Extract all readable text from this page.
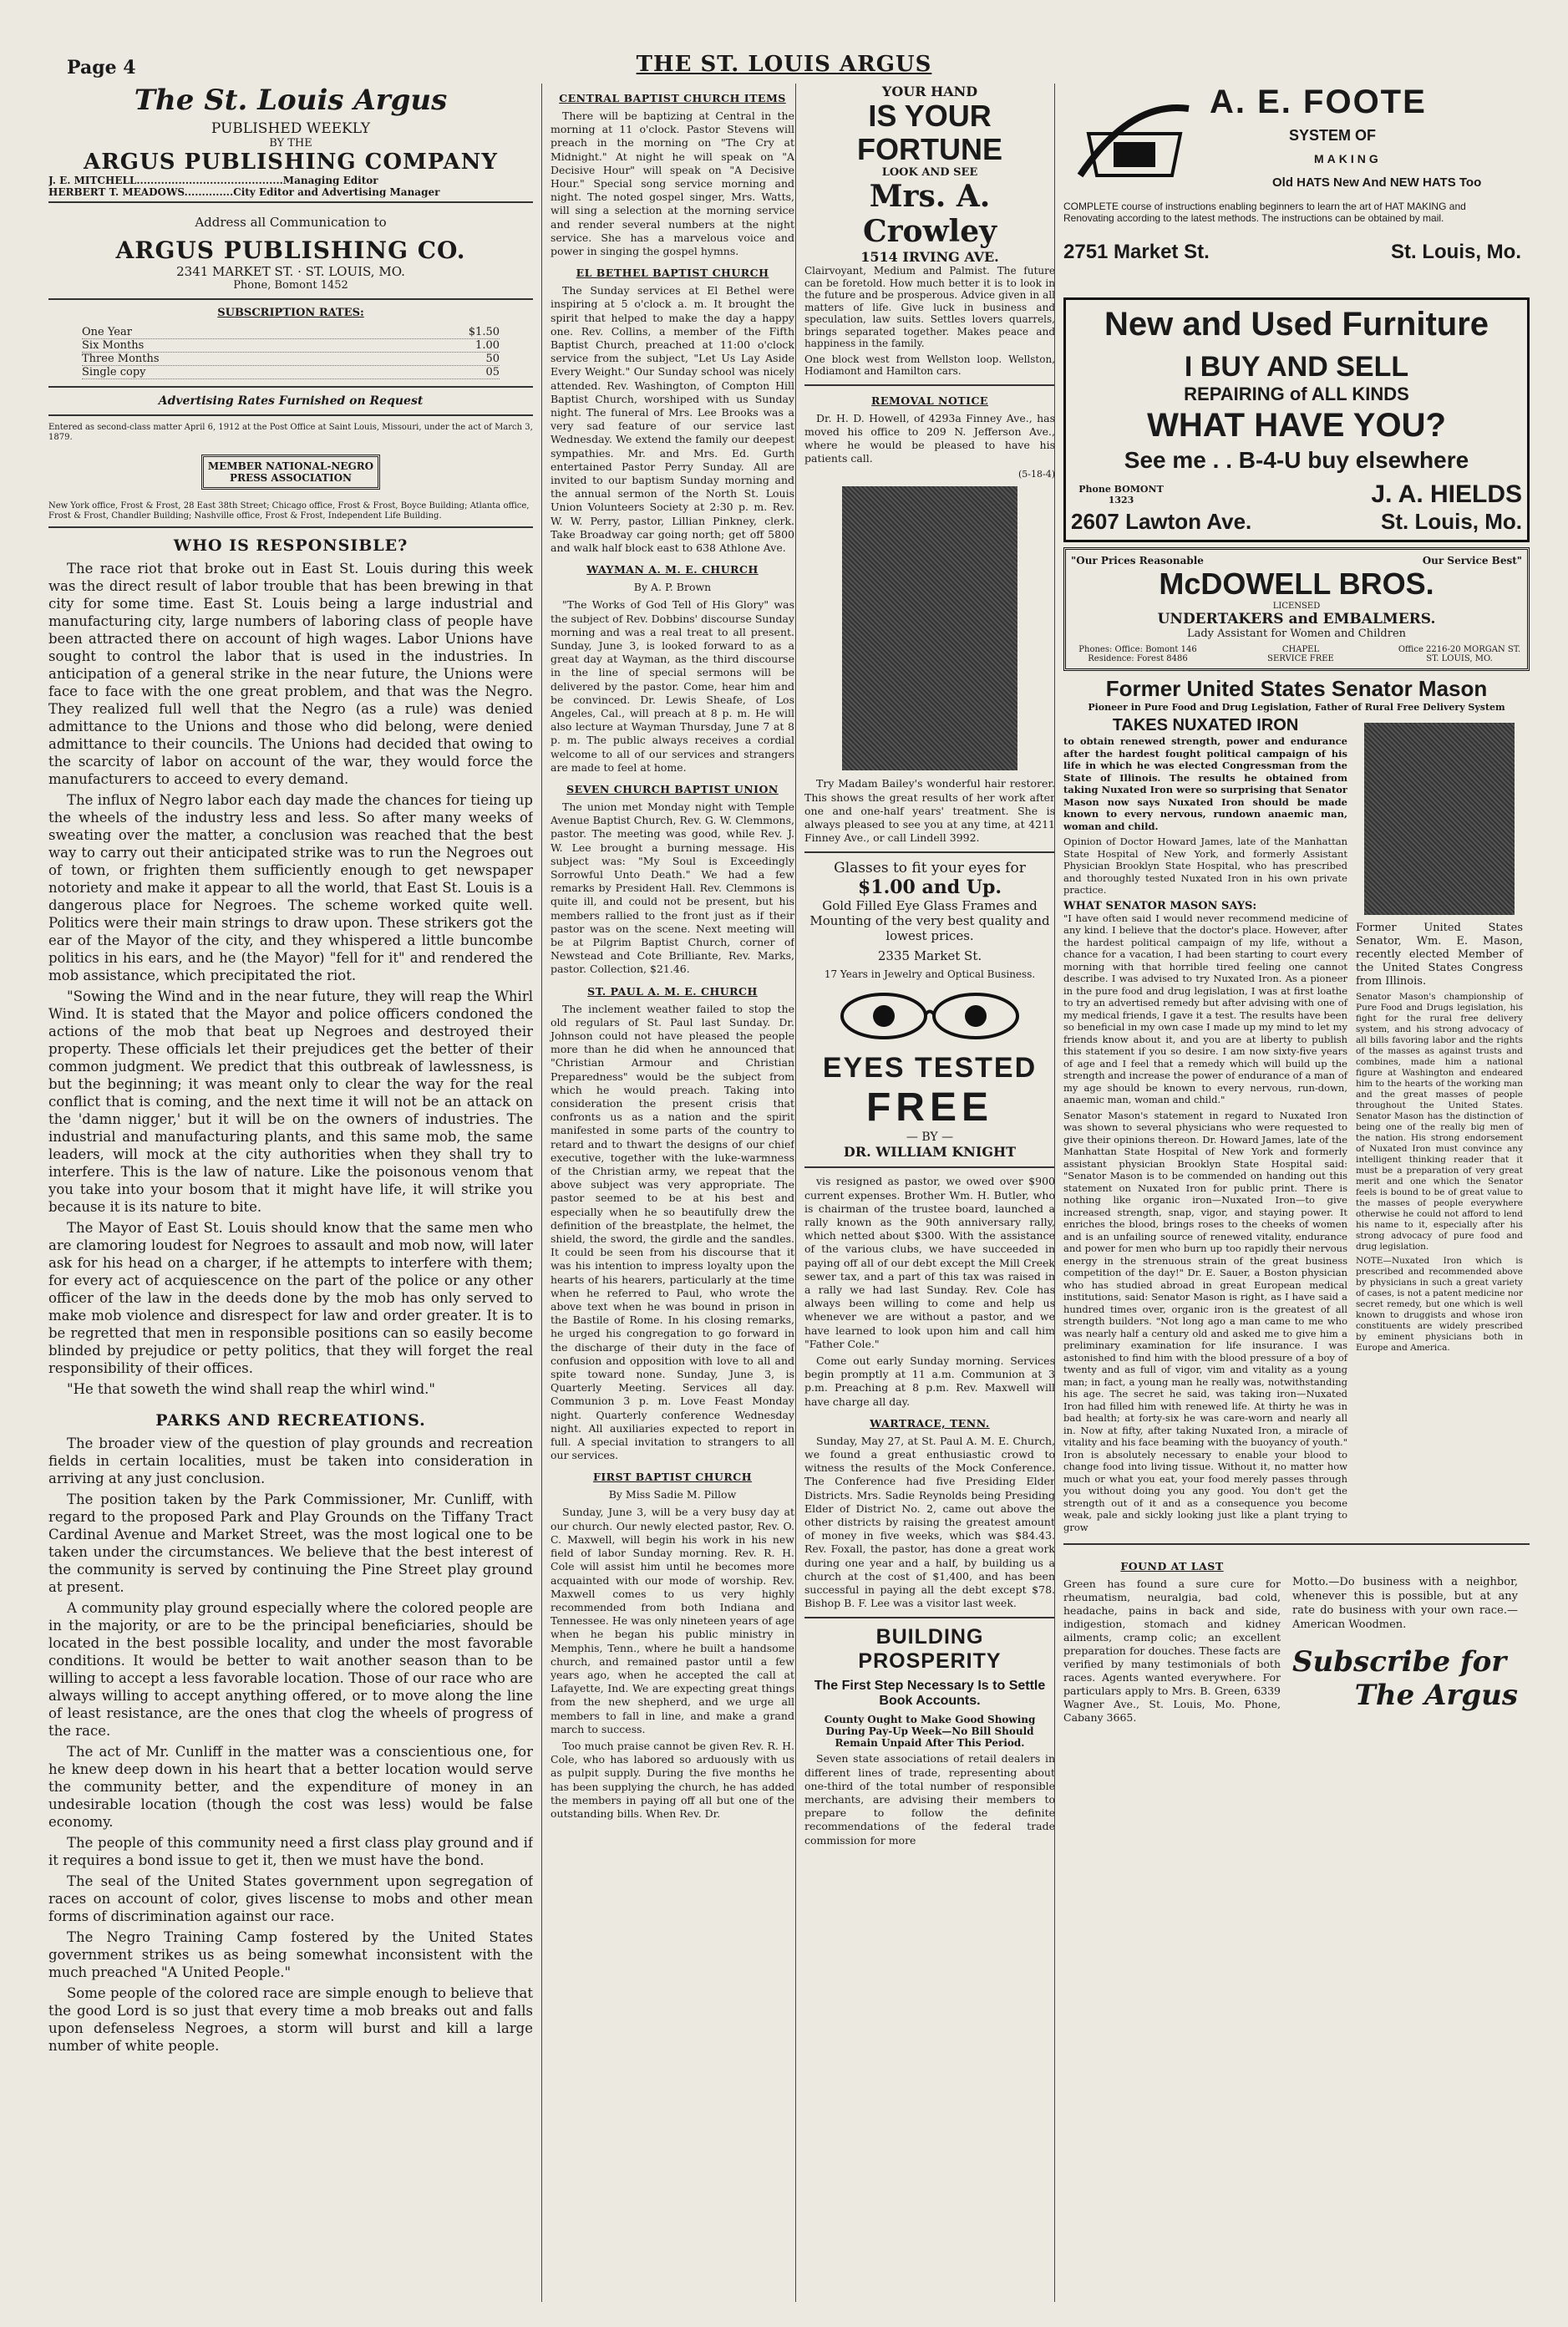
Page 4	THE ST. LOUIS ARGUS
The St. Louis Argus
PUBLISHED WEEKLY
BY THE
ARGUS PUBLISHING COMPANY
J. E. MITCHELL..........................................Managing Editor
HERBERT T. MEADOWS..............City Editor and Advertising Manager
Address all Communication to
ARGUS PUBLISHING CO.
2341 MARKET ST. · ST. LOUIS, MO.
Phone, Bomont 1452
SUBSCRIPTION RATES:
One Year	$1.50
Six Months	1.00
Three Months	50
Single copy	05
Advertising Rates Furnished on Request
Entered as second-class matter April 6, 1912 at the Post Office at Saint Louis, Missouri, under the act of March 3, 1879.
MEMBER NATIONAL-NEGRO PRESS ASSOCIATION
New York office, Frost & Frost, 28 East 38th Street; Chicago office, Frost & Frost, Boyce Building; Atlanta office, Frost & Frost, Chandler Building; Nashville office, Frost & Frost, Independent Life Building.
WHO IS RESPONSIBLE?

The race riot that broke out in East St. Louis during this week was the direct result of labor trouble that has been brewing in that city for some time. East St. Louis being a large industrial and manufacturing city, large numbers of laboring class of people have been attracted there on account of high wages. Labor Unions have sought to control the labor that is used in the industries. In anticipation of a general strike in the near future, the Unions were face to face with the one great problem, and that was the Negro. They realized full well that the Negro (as a rule) was denied admittance to the Unions and those who did belong, were denied admittance to their councils. The Unions had decided that owing to the scarcity of labor on account of the war, they would force the manufacturers to acceed to every demand.

The influx of Negro labor each day made the chances for tieing up the wheels of the industry less and less. So after many weeks of sweating over the matter, a conclusion was reached that the best way to carry out their anticipated strike was to run the Negroes out of town, or frighten them sufficiently enough to get newspaper notoriety and make it appear to all the world, that East St. Louis is a dangerous place for Negroes. The scheme worked quite well. Politics were their main strings to draw upon. These strikers got the ear of the Mayor of the city, and they whispered a little buncombe politics in his ears, and he (the Mayor) "fell for it" and rendered the mob assistance, which precipitated the riot.

"Sowing the Wind and in the near future, they will reap the Whirl Wind. It is stated that the Mayor and police officers condoned the actions of the mob that beat up Negroes and destroyed their property. These officials let their prejudices get the better of their common judgment. We predict that this outbreak of lawlessness, is but the beginning; it was meant only to clear the way for the real conflict that is coming, and the next time it will not be an attack on the 'damn nigger,' but it will be on the owners of industries. The industrial and manufacturing plants, and this same mob, the same leaders, will mock at the city authorities when they shall try to interfere. This is the law of nature. Like the poisonous venom that you take into your bosom that it might have life, it will strike you because it is its nature to bite.

The Mayor of East St. Louis should know that the same men who are clamoring loudest for Negroes to assault and mob now, will later ask for his head on a charger, if he attempts to interfere with them; for every act of acquiescence on the part of the police or any other officer of the law in the deeds done by the mob has only served to make mob violence and disrespect for law and order greater. It is to be regretted that men in responsible positions can so easily become blinded by prejudice or petty politics, that they will forget the real responsibility of their offices.

"He that soweth the wind shall reap the whirl wind."

PARKS AND RECREATIONS.

The broader view of the question of play grounds and recreation fields in certain localities, must be taken into consideration in arriving at any just conclusion.

The position taken by the Park Commissioner, Mr. Cunliff, with regard to the proposed Park and Play Grounds on the Tiffany Tract Cardinal Avenue and Market Street, was the most logical one to be taken under the circumstances. We believe that the best interest of the community is served by continuing the Pine Street play ground at present.

A community play ground especially where the colored people are in the majority, or are to be the principal beneficiaries, should be located in the best possible locality, and under the most favorable conditions. It would be better to wait another season than to be willing to accept a less favorable location. Those of our race who are always willing to accept anything offered, or to move along the line of least resistance, are the ones that clog the wheels of progress of the race.

The act of Mr. Cunliff in the matter was a conscientious one, for he knew deep down in his heart that a better location would serve the community better, and the expenditure of money in an undesirable location (though the cost was less) would be false economy.

The people of this community need a first class play ground and if it requires a bond issue to get it, then we must have the bond.

The seal of the United States government upon segregation of races on account of color, gives liscense to mobs and other mean forms of discrimination against our race.

The Negro Training Camp fostered by the United States government strikes us as being somewhat inconsistent with the much preached "A United People."

Some people of the colored race are simple enough to believe that the good Lord is so just that every time a mob breaks out and falls upon defenseless Negroes, a storm will burst and kill a large number of white people.

CENTRAL BAPTIST CHURCH ITEMS

There will be baptizing at Central in the morning at 11 o'clock. Pastor Stevens will preach in the morning on "The Cry at Midnight." At night he will speak on "A Decisive Hour" will speak on "A Decisive Hour." Special song service morning and night. The noted gospel singer, Mrs. Watts, will sing a selection at the morning service and render several numbers at the night service. She has a marvelous voice and power in singing the gospel hymns.

EL BETHEL BAPTIST CHURCH

The Sunday services at El Bethel were inspiring at 5 o'clock a. m. It brought the spirit that helped to make the day a happy one. Rev. Collins, a member of the Fifth Baptist Church, preached at 11:00 o'clock service from the subject, "Let Us Lay Aside Every Weight." Our Sunday school was nicely attended. Rev. Washington, of Compton Hill Baptist Church, worshiped with us Sunday night. The funeral of Mrs. Lee Brooks was a very sad feature of our service last Wednesday. We extend the family our deepest sympathies. Mr. and Mrs. Ed. Gurth entertained Pastor Perry Sunday. All are invited to our baptism Sunday morning and the annual sermon of the North St. Louis Union Volunteers Society at 2:30 p. m. Rev. W. W. Perry, pastor, Lillian Pinkney, clerk. Take Broadway car going north; get off 5800 and walk half block east to 638 Athlone Ave.

WAYMAN A. M. E. CHURCH
By A. P. Brown

"The Works of God Tell of His Glory" was the subject of Rev. Dobbins' discourse Sunday morning and was a real treat to all present. Sunday, June 3, is looked forward to as a great day at Wayman, as the third discourse in the line of special sermons will be delivered by the pastor. Come, hear him and be convinced. Dr. Lewis Sheafe, of Los Angeles, Cal., will preach at 8 p. m. He will also lecture at Wayman Thursday, June 7 at 8 p. m. The public always receives a cordial welcome to all of our services and strangers are made to feel at home.

SEVEN CHURCH BAPTIST UNION

The union met Monday night with Temple Avenue Baptist Church, Rev. G. W. Clemmons, pastor. The meeting was good, while Rev. J. W. Lee brought a burning message. His subject was: "My Soul is Exceedingly Sorrowful Unto Death." We had a few remarks by President Hall. Rev. Clemmons is quite ill, and could not be present, but his members rallied to the front just as if their pastor was on the scene. Next meeting will be at Pilgrim Baptist Church, corner of Newstead and Cote Brilliante, Rev. Marks, pastor. Collection, $21.46.

ST. PAUL A. M. E. CHURCH

The inclement weather failed to stop the old regulars of St. Paul last Sunday. Dr. Johnson could not have pleased the people more than he did when he announced that "Christian Armour and Christian Preparedness" would be the subject from which he would preach. Taking into consideration the present crisis that confronts us as a nation and the spirit manifested in some parts of the country to retard and to thwart the designs of our chief executive, together with the luke-warmness of the Christian army, we repeat that the above subject was very appropriate. The pastor seemed to be at his best and especially when he so beautifully drew the definition of the breastplate, the helmet, the shield, the sword, the girdle and the sandles. It could be seen from his discourse that it was his intention to impress loyalty upon the hearts of his hearers, particularly at the time when he referred to Paul, who wrote the above text when he was bound in prison in the Bastile of Rome. In his closing remarks, he urged his congregation to go forward in the discharge of their duty in the face of confusion and opposition with love to all and spite toward none. Sunday, June 3, is Quarterly Meeting. Services all day. Communion 3 p. m. Love Feast Monday night. Quarterly conference Wednesday night. All auxiliaries expected to report in full. A special invitation to strangers to all our services.

FIRST BAPTIST CHURCH
By Miss Sadie M. Pillow

Sunday, June 3, will be a very busy day at our church. Our newly elected pastor, Rev. O. C. Maxwell, will begin his work in his new field of labor Sunday morning. Rev. R. H. Cole will assist him until he becomes more acquainted with our mode of worship. Rev. Maxwell comes to us very highly recommended from both Indiana and Tennessee. He was only nineteen years of age when he began his public ministry in Memphis, Tenn., where he built a handsome church, and remained pastor until a few years ago, when he accepted the call at Lafayette, Ind. We are expecting great things from the new shepherd, and we urge all members to fall in line, and make a grand march to success.

Too much praise cannot be given Rev. R. H. Cole, who has labored so arduously with us as pulpit supply. During the five months he has been supplying the church, he has added the members in paying off all but one of the outstanding bills. When Rev. Dr.

YOUR HAND
IS YOUR FORTUNE
LOOK AND SEE
Mrs. A. Crowley
1514 IRVING AVE.

Clairvoyant, Medium and Palmist. The future can be foretold. How much better it is to look in the future and be prosperous. Advice given in all matters of life. Give luck in business and speculation, law suits. Settles lovers quarrels, brings separated together. Makes peace and happiness in the family.

One block west from Wellston loop. Wellston, Hodiamont and Hamilton cars.

REMOVAL NOTICE

Dr. H. D. Howell, of 4293a Finney Ave., has moved his office to 209 N. Jefferson Ave., where he would be pleased to have his patients call.

(5-18-4)

Try Madam Bailey's wonderful hair restorer. This shows the great results of her work after one and one-half years' treatment. She is always pleased to see you at any time, at 4211 Finney Ave., or call Lindell 3992.

Glasses to fit your eyes for
$1.00 and Up.
Gold Filled Eye Glass Frames and Mounting of the very best quality and lowest prices.
2335 Market St.
17 Years in Jewelry and Optical Business.
EYES TESTED
FREE
— BY —
DR. WILLIAM KNIGHT

vis resigned as pastor, we owed over $900 current expenses. Brother Wm. H. Butler, who is chairman of the trustee board, launched a rally known as the 90th anniversary rally, which netted about $300. With the assistance of the various clubs, we have succeeded in paying off all of our debt except the Mill Creek sewer tax, and a part of this tax was raised in a rally we had last Sunday. Rev. Cole has always been willing to come and help us whenever we are without a pastor, and we have learned to look upon him and call him "Father Cole."

Come out early Sunday morning. Services begin promptly at 11 a.m. Communion at 3 p.m. Preaching at 8 p.m. Rev. Maxwell will have charge all day.

WARTRACE, TENN.

Sunday, May 27, at St. Paul A. M. E. Church, we found a great enthusiastic crowd to witness the results of the Mock Conference. The Conference had five Presiding Elder Districts. Mrs. Sadie Reynolds being Presiding Elder of District No. 2, came out above the other districts by raising the greatest amount of money in five weeks, which was $84.43. Rev. Foxall, the pastor, has done a great work during one year and a half, by building us a church at the cost of $1,400, and has been successful in paying all the debt except $78. Bishop B. F. Lee was a visitor last week.

BUILDING PROSPERITY
The First Step Necessary Is to Settle Book Accounts.
County Ought to Make Good Showing During Pay-Up Week—No Bill Should Remain Unpaid After This Period.

Seven state associations of retail dealers in different lines of trade, representing about one-third of the total number of responsible merchants, are advising their members to prepare to follow the definite recommendations of the federal trade commission for more

A. E. FOOTE
SYSTEM OF
MAKING
Old HATS New And NEW HATS Too
COMPLETE course of instructions enabling beginners to learn the art of HAT MAKING and Renovating according to the latest methods. The instructions can be obtained by mail.
2751 Market St.	St. Louis, Mo.
New and Used Furniture
I BUY AND SELL
REPAIRING of ALL KINDS
WHAT HAVE YOU?
See me . . B-4-U buy elsewhere
Phone BOMONT 1323	J. A. HIELDS
2607 Lawton Ave.	St. Louis, Mo.
"Our Prices Reasonable	Our Service Best"
McDOWELL BROS.
LICENSED
UNDERTAKERS and EMBALMERS.
Lady Assistant for Women and Children
Phones: Office: Bomont 146 Residence: Forest 8486
CHAPEL SERVICE FREE
Office 2216-20 MORGAN ST. ST. LOUIS, MO.
Former United States Senator Mason
Pioneer in Pure Food and Drug Legislation, Father of Rural Free Delivery System
TAKES NUXATED IRON

to obtain renewed strength, power and endurance after the hardest fought political campaign of his life in which he was elected Congressman from the State of Illinois. The results he obtained from taking Nuxated Iron were so surprising that Senator Mason now says Nuxated Iron should be made known to every nervous, rundown anaemic man, woman and child.

Opinion of Doctor Howard James, late of the Manhattan State Hospital of New York, and formerly Assistant Physician Brooklyn State Hospital, who has prescribed and thoroughly tested Nuxated Iron in his own private practice.

WHAT SENATOR MASON SAYS:

"I have often said I would never recommend medicine of any kind. I believe that the doctor's place. However, after the hardest political campaign of my life, without a chance for a vacation, I had been starting to court every morning with that horrible tired feeling one cannot describe. I was advised to try Nuxated Iron. As a pioneer in the pure food and drug legislation, I was at first loathe to try an advertised remedy but after advising with one of my medical friends, I gave it a test. The results have been so beneficial in my own case I made up my mind to let my friends know about it, and you are at liberty to publish this statement if you so desire. I am now sixty-five years of age and I feel that a remedy which will build up the strength and increase the power of endurance of a man of my age should be known to every nervous, run-down, anaemic man, woman and child."

Senator Mason's statement in regard to Nuxated Iron was shown to several physicians who were requested to give their opinions thereon. Dr. Howard James, late of the Manhattan State Hospital of New York and formerly assistant physician Brooklyn State Hospital said: "Senator Mason is to be commended on handing out this statement on Nuxated Iron for public print. There is nothing like organic iron—Nuxated Iron—to give increased strength, snap, vigor, and staying power. It enriches the blood, brings roses to the cheeks of women and is an unfailing source of renewed vitality, endurance and power for men who burn up too rapidly their nervous energy in the strenuous strain of the great business competition of the day!" Dr. E. Sauer, a Boston physician who has studied abroad in great European medical institutions, said: Senator Mason is right, as I have said a hundred times over, organic iron is the greatest of all strength builders. "Not long ago a man came to me who was nearly half a century old and asked me to give him a preliminary examination for life insurance. I was astonished to find him with the blood pressure of a boy of twenty and as full of vigor, vim and vitality as a young man; in fact, a young man he really was, notwithstanding his age. The secret he said, was taking iron—Nuxated Iron had filled him with renewed life. At thirty he was in bad health; at forty-six he was care-worn and nearly all in. Now at fifty, after taking Nuxated Iron, a miracle of vitality and his face beaming with the buoyancy of youth." Iron is absolutely necessary to enable your blood to change food into living tissue. Without it, no matter how much or what you eat, your food merely passes through you without doing you any good. You don't get the strength out of it and as a consequence you become weak, pale and sickly looking just like a plant trying to grow

Former United States Senator, Wm. E. Mason, recently elected Member of the United States Congress from Illinois.

Senator Mason's championship of Pure Food and Drugs legislation, his fight for the rural free delivery system, and his strong advocacy of all bills favoring labor and the rights of the masses as against trusts and combines, made him a national figure at Washington and endeared him to the hearts of the working man and the great masses of people throughout the United States. Senator Mason has the distinction of being one of the really big men of the nation. His strong endorsement of Nuxated Iron must convince any intelligent thinking reader that it must be a preparation of very great merit and one which the Senator feels is bound to be of great value to the masses of people everywhere otherwise he could not afford to lend his name to it, especially after his strong advocacy of pure food and drug legislation.

NOTE—Nuxated Iron which is prescribed and recommended above by physicians in such a great variety of cases, is not a patent medicine nor secret remedy, but one which is well known to druggists and whose iron constituents are widely prescribed by eminent physicians both in Europe and America.

FOUND AT LAST

Green has found a sure cure for rheumatism, neuralgia, bad cold, headache, pains in back and side, indigestion, stomach and kidney ailments, cramp colic; an excellent preparation for douches. These facts are verified by many testimonials of both races. Agents wanted everywhere. For particulars apply to Mrs. B. Green, 6339 Wagner Ave., St. Louis, Mo. Phone, Cabany 3665.

Motto.—Do business with a neighbor, whenever this is possible, but at any rate do business with your own race.—American Woodmen.

Subscribe for
The Argus
